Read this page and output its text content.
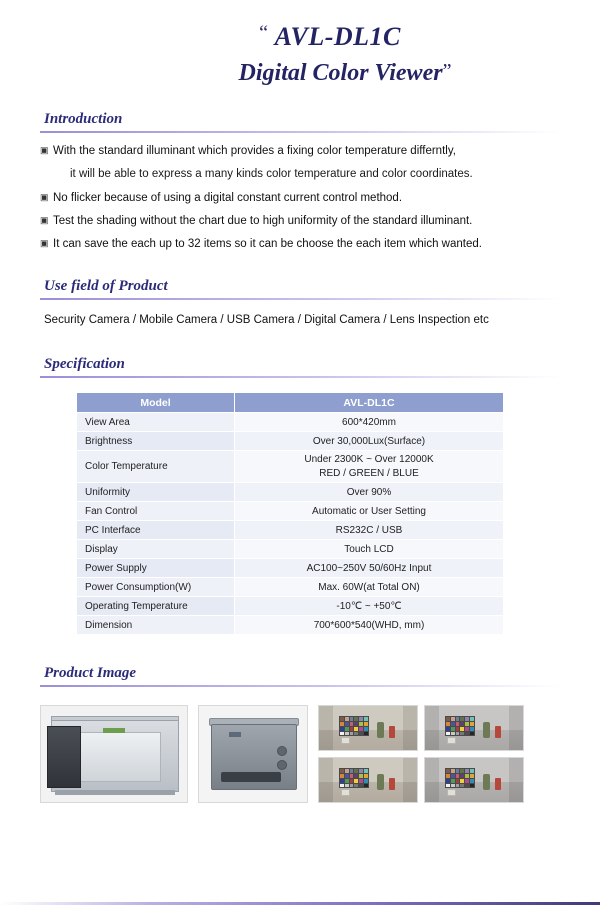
“ AVL-DL1C
Digital Color Viewer”
Introduction
▣ With the standard illuminant which provides a fixing color temperature differntly,
it will be able to express a many kinds color temperature and color coordinates.
▣ No flicker because of using a digital constant current control method.
▣ Test the shading without the chart due to high uniformity of the standard illuminant.
▣ It can save the each up to 32 items so it can be choose the each item which wanted.
Use field of Product
Security Camera / Mobile Camera / USB Camera / Digital Camera / Lens Inspection etc
Specification
Model	AVL-DL1C
View Area	600*420mm
Brightness	Over 30,000Lux(Surface)
Color Temperature	Under 2300K ~ Over 12000K
RED / GREEN / BLUE
Uniformity	Over 90%
Fan Control	Automatic or User Setting
PC Interface	RS232C / USB
Display	Touch LCD
Power Supply	AC100~250V 50/60Hz Input
Power Consumption(W)	Max. 60W(at Total ON)
Operating Temperature	-10℃ ~ +50℃
Dimension	700*600*540(WHD, mm)
Product Image
